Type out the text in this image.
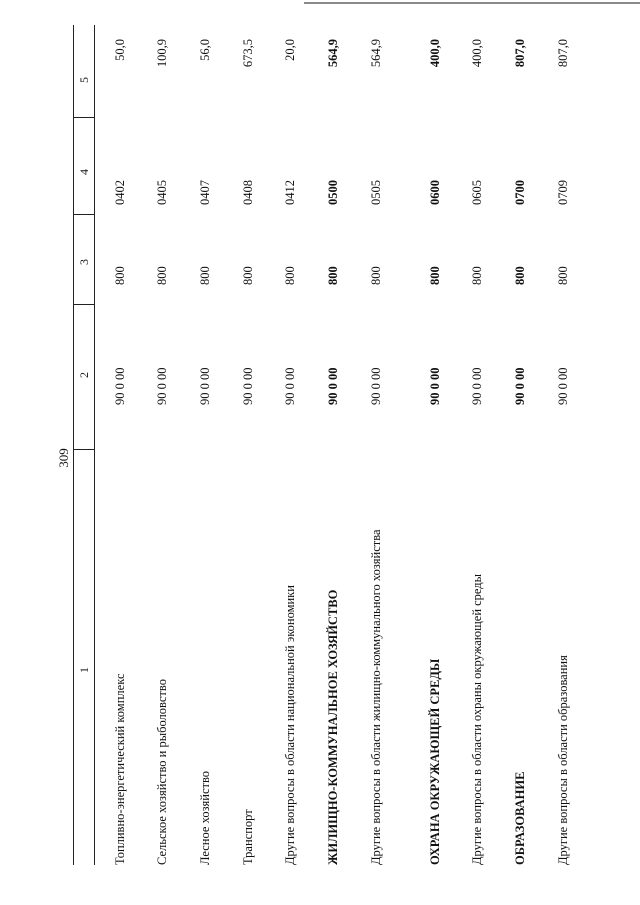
309
1
2
3
4
5
Топливно-энергетический комплекс
90 0 00
800
0402
50,0
Сельское хозяйство и рыболовство
90 0 00
800
0405
100,9
Лесное хозяйство
90 0 00
800
0407
56,0
Транспорт
90 0 00
800
0408
673,5
Другие вопросы в области национальной экономики
90 0 00
800
0412
20,0
ЖИЛИЩНО-КОММУНАЛЬНОЕ ХОЗЯЙСТВО
90 0 00
800
0500
564,9
Другие вопросы в области жилищно-коммунального хозяйства
90 0 00
800
0505
564,9
ОХРАНА ОКРУЖАЮЩЕЙ СРЕДЫ
90 0 00
800
0600
400,0
Другие вопросы в области охраны окружающей среды
90 0 00
800
0605
400,0
ОБРАЗОВАНИЕ
90 0 00
800
0700
807,0
Другие вопросы в области образования
90 0 00
800
0709
807,0
